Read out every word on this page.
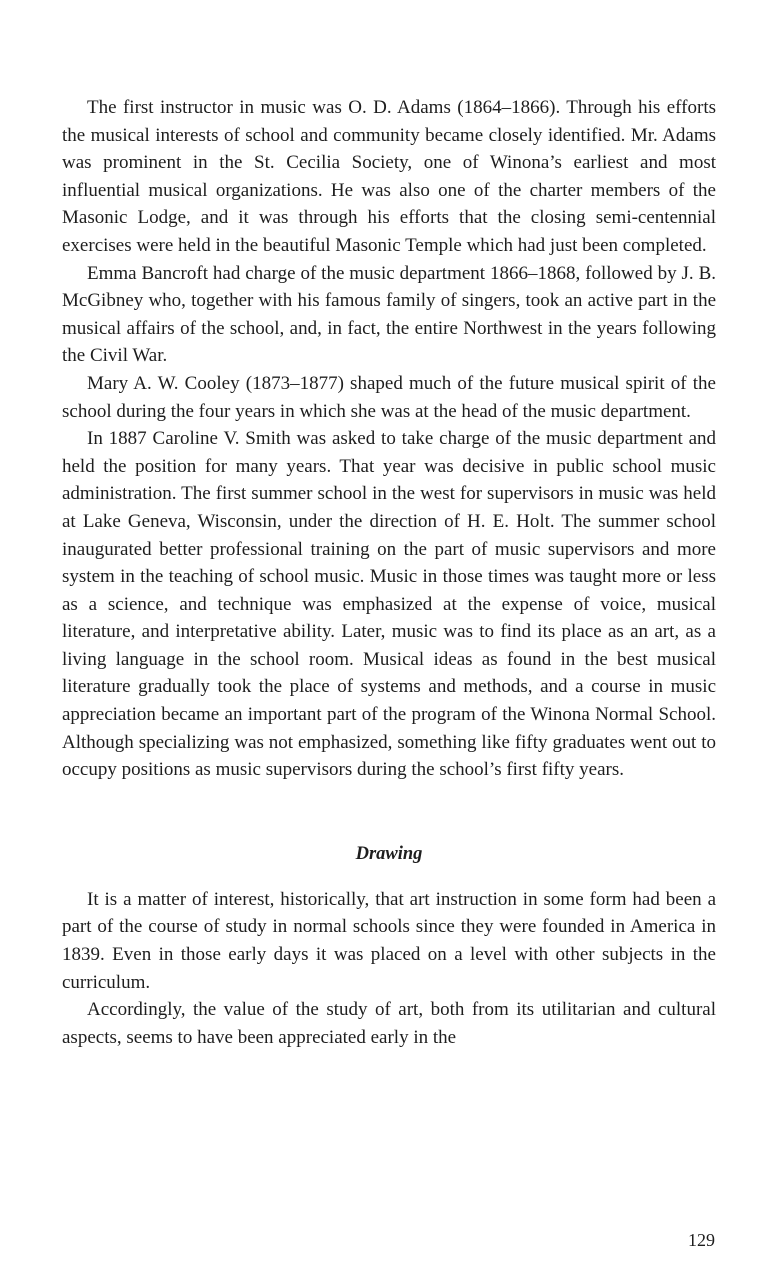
The first instructor in music was O. D. Adams (1864–1866). Through his efforts the musical interests of school and community became closely identified. Mr. Adams was prominent in the St. Cecilia Society, one of Winona’s earliest and most influential musical organizations. He was also one of the charter members of the Masonic Lodge, and it was through his efforts that the closing semi-centennial exercises were held in the beautiful Masonic Temple which had just been completed.

Emma Bancroft had charge of the music department 1866–1868, followed by J. B. McGibney who, together with his famous family of singers, took an active part in the musical affairs of the school, and, in fact, the entire Northwest in the years following the Civil War.

Mary A. W. Cooley (1873–1877) shaped much of the future musical spirit of the school during the four years in which she was at the head of the music department.

In 1887 Caroline V. Smith was asked to take charge of the music department and held the position for many years. That year was decisive in public school music administration. The first summer school in the west for supervisors in music was held at Lake Geneva, Wisconsin, under the direction of H. E. Holt. The summer school inaugurated better professional training on the part of music supervisors and more system in the teaching of school music. Music in those times was taught more or less as a science, and technique was emphasized at the expense of voice, musical literature, and interpretative ability. Later, music was to find its place as an art, as a living language in the school room. Musical ideas as found in the best musical literature gradually took the place of systems and methods, and a course in music appreciation became an important part of the program of the Winona Normal School. Although specializing was not emphasized, something like fifty graduates went out to occupy positions as music supervisors during the school’s first fifty years.

Drawing

It is a matter of interest, historically, that art instruction in some form had been a part of the course of study in normal schools since they were founded in America in 1839. Even in those early days it was placed on a level with other subjects in the curriculum.

Accordingly, the value of the study of art, both from its utilitarian and cultural aspects, seems to have been appreciated early in the

129
